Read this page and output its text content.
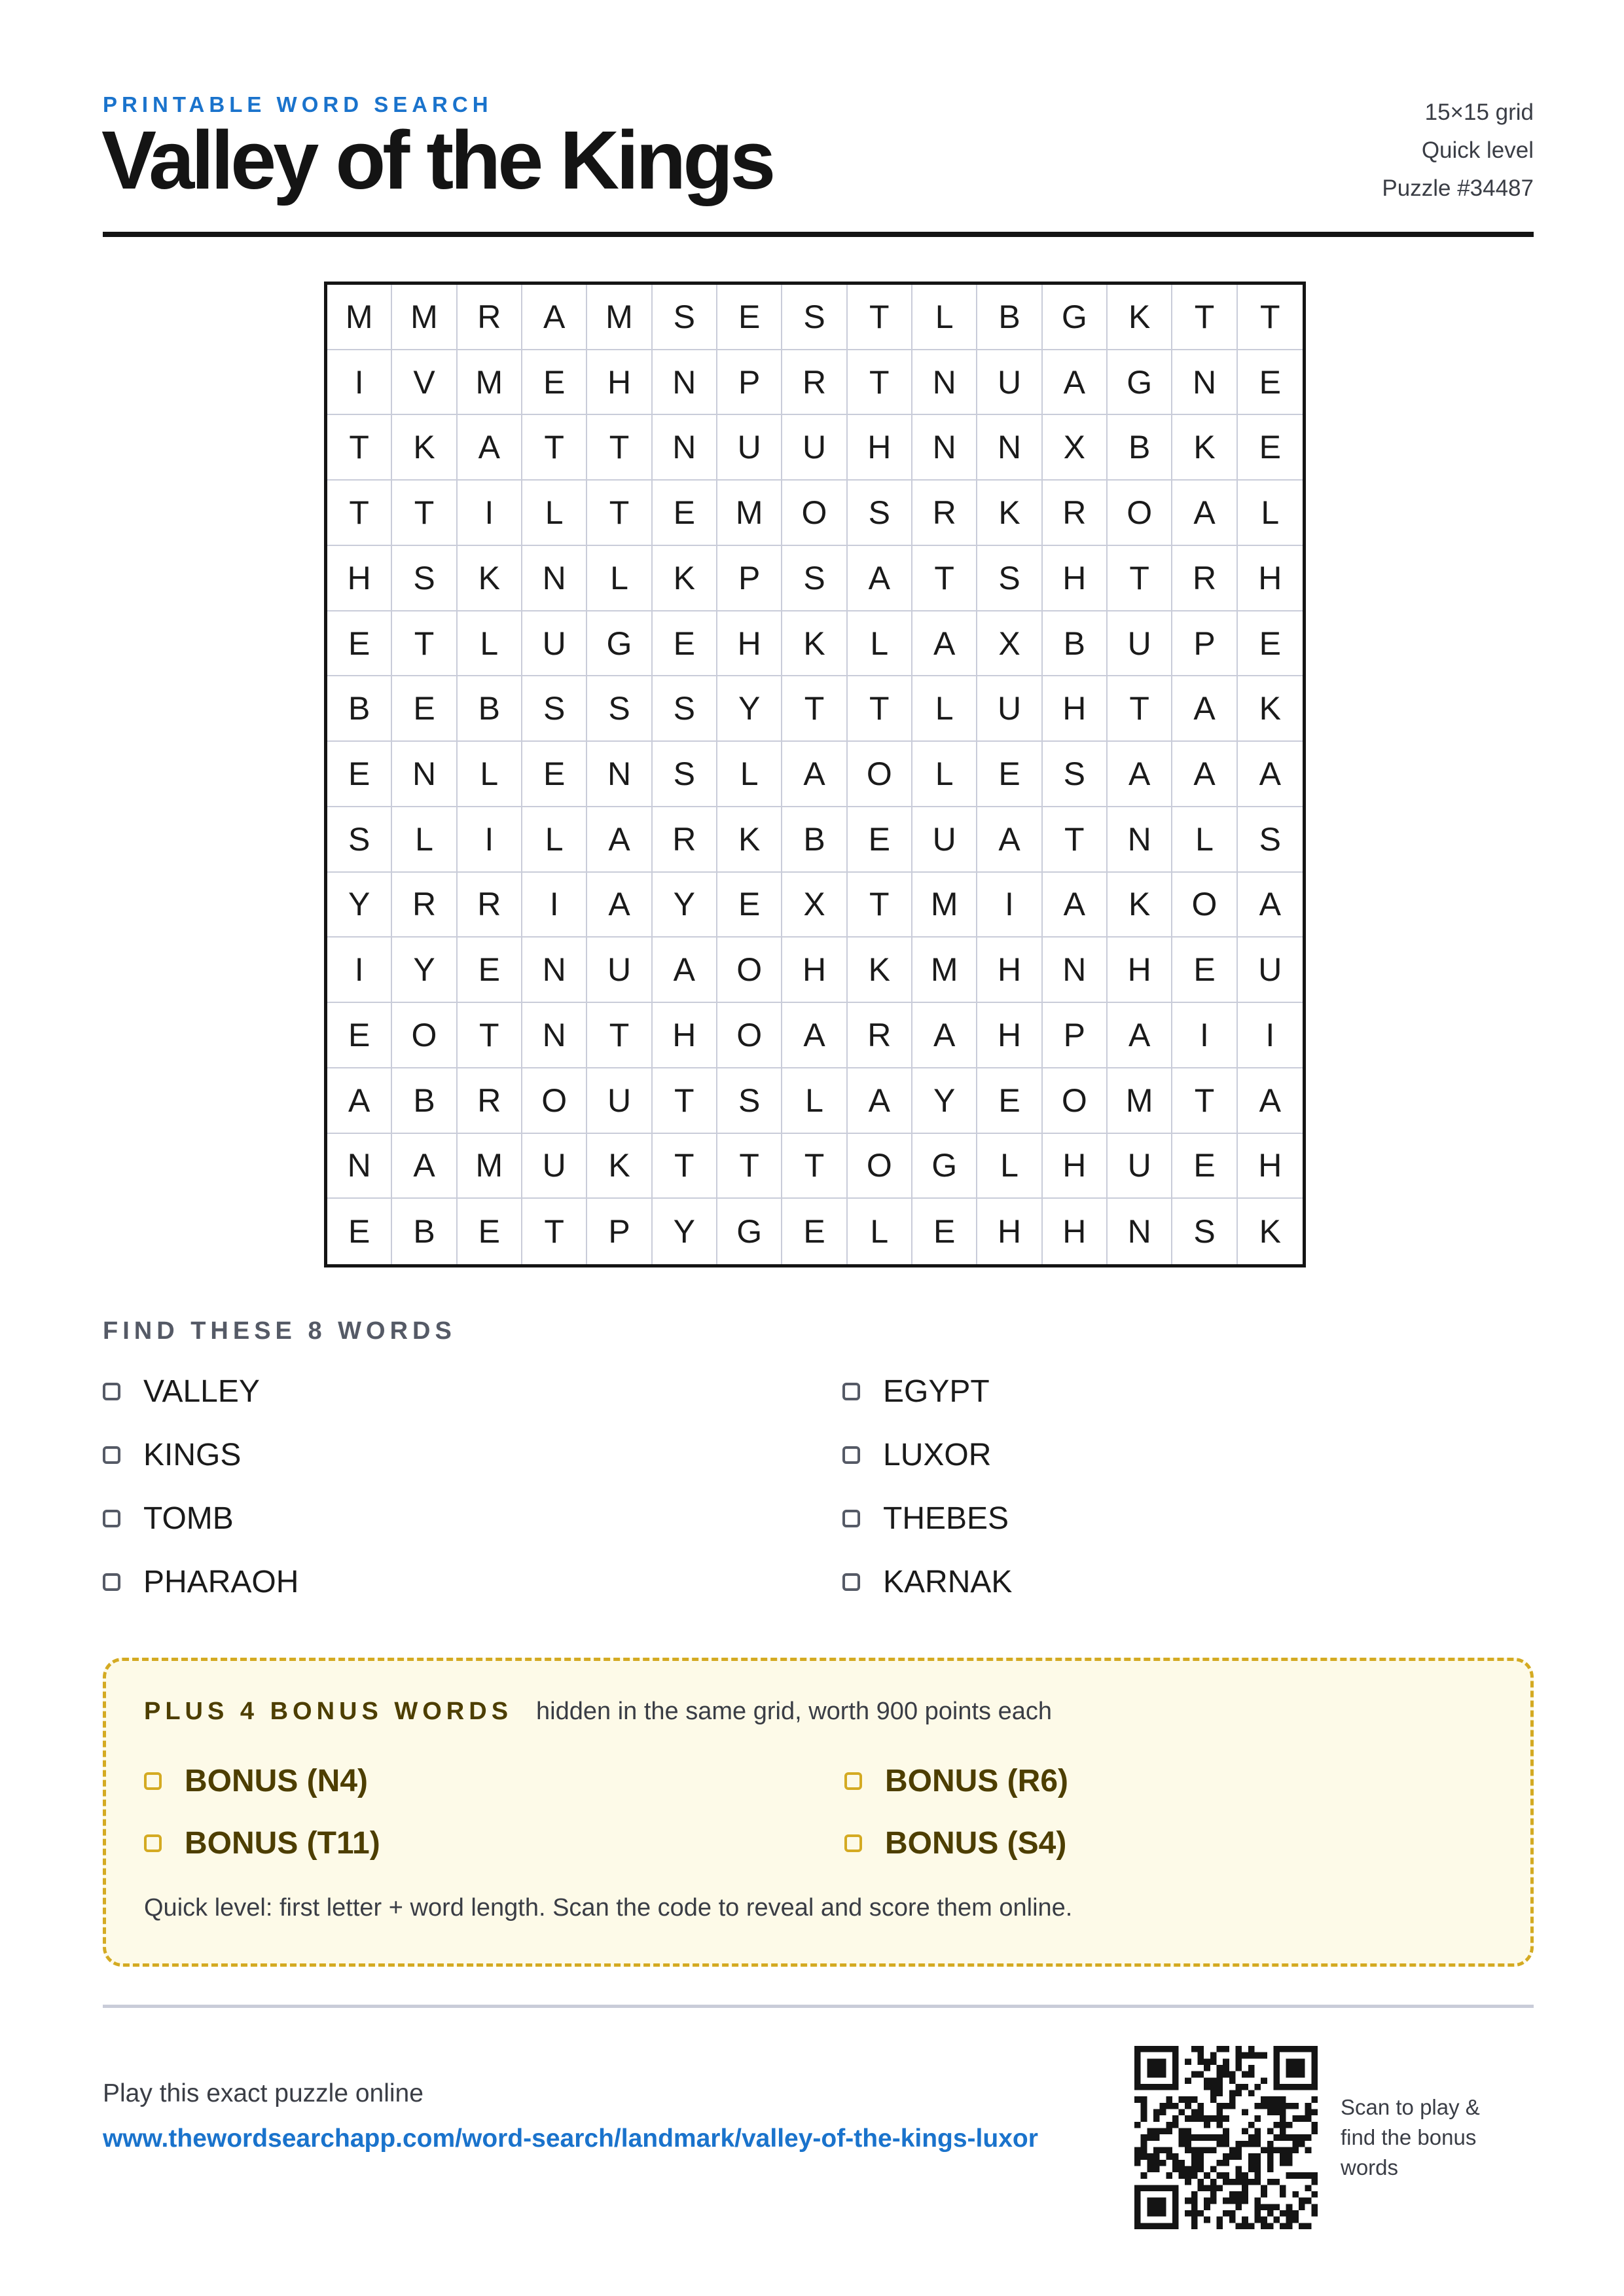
PRINTABLE WORD SEARCH
Valley of the Kings
15×15 grid
Quick level
Puzzle #34487
M	M	R	A	M	S	E	S	T	L	B	G	K	T	T
I	V	M	E	H	N	P	R	T	N	U	A	G	N	E
T	K	A	T	T	N	U	U	H	N	N	X	B	K	E
T	T	I	L	T	E	M	O	S	R	K	R	O	A	L
H	S	K	N	L	K	P	S	A	T	S	H	T	R	H
E	T	L	U	G	E	H	K	L	A	X	B	U	P	E
B	E	B	S	S	S	Y	T	T	L	U	H	T	A	K
E	N	L	E	N	S	L	A	O	L	E	S	A	A	A
S	L	I	L	A	R	K	B	E	U	A	T	N	L	S
Y	R	R	I	A	Y	E	X	T	M	I	A	K	O	A
I	Y	E	N	U	A	O	H	K	M	H	N	H	E	U
E	O	T	N	T	H	O	A	R	A	H	P	A	I	I
A	B	R	O	U	T	S	L	A	Y	E	O	M	T	A
N	A	M	U	K	T	T	T	O	G	L	H	U	E	H
E	B	E	T	P	Y	G	E	L	E	H	H	N	S	K
FIND THESE 8 WORDS
VALLEY
KINGS
TOMB
PHARAOH
EGYPT
LUXOR
THEBES
KARNAK
PLUS 4 BONUS WORDS hidden in the same grid, worth 900 points each
BONUS (N4)
BONUS (T11)
BONUS (R6)
BONUS (S4)
Quick level: first letter + word length. Scan the code to reveal and score them online.
Play this exact puzzle online
www.thewordsearchapp.com/word-search/landmark/valley-of-the-kings-luxor
Scan to play & find the bonus words
